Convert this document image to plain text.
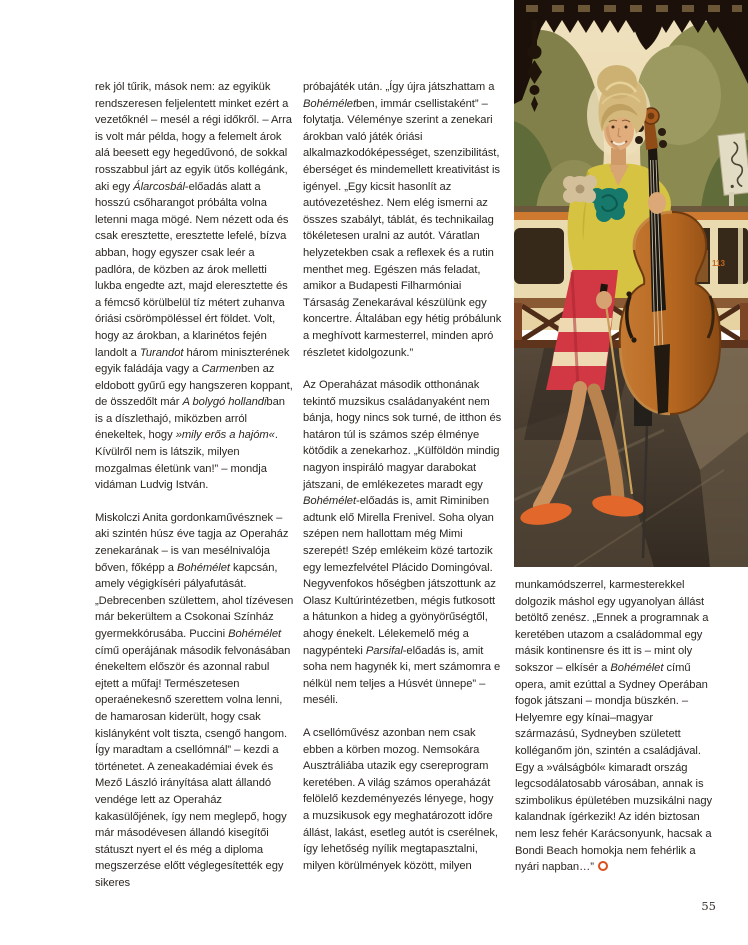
113

rek jól tűrik, mások nem: az egyikük rendszeresen feljelentett minket ezért a vezetőknél – mesél a régi időkről. – Arra is volt már példa, hogy a felemelt árok alá beesett egy hegedűvonó, de sokkal rosszabbul járt az egyik ütős kollégánk, aki egy Álarcosbál-előadás alatt a hosszú csőharangot próbálta volna letenni maga mögé. Nem nézett oda és csak eresztette, eresztette lefelé, bízva abban, hogy egyszer csak leér a padlóra, de közben az árok melletti lukba engedte azt, majd eleresztette és a fémcső körülbelül tíz métert zuhanva óriási csörömpöléssel ért földet. Volt, hogy az árokban, a klarinétos fején landolt a Turandot három miniszterének egyik faládája vagy a Carmenben az eldobott gyűrű egy hangszeren koppant, de összedőlt már A bolygó hollandiban is a díszlethajó, miközben arról énekeltek, hogy »mily erős a hajóm«. Kívülről nem is látszik, milyen mozgalmas életünk van!” – mondja vidáman Ludvig István.

Miskolczi Anita gordonkaművésznek – aki szintén húsz éve tagja az Operaház zenekarának – is van mesélnivalója bőven, főképp a Bohémélet kapcsán, amely végigkíséri pályafutását. „Debrecenben születtem, ahol tízévesen már bekerültem a Csokonai Színház gyermekkórusába. Puccini Bohémélet című operájának második felvonásában énekeltem először és azonnal rabul ejtett a műfaj! Természetesen operaénekesnő szerettem volna lenni, de hamarosan kiderült, hogy csak kislányként volt tiszta, csengő hangom. Így maradtam a csellómnál” – kezdi a történetet. A zeneakadémiai évek és Mező László irányítása alatt állandó vendége lett az Operaház kakasülőjének, így nem meglepő, hogy már másodévesen állandó kisegítői státuszt nyert el és még a diploma megszerzése előtt véglegesítették egy sikeres

próbajáték után. „Így újra játszhattam a Bohéméletben, immár csellistaként” – folytatja. Véleménye szerint a zenekari árokban való játék óriási alkalmazkodóképességet, szenzibilitást, éberséget és mindemellett kreativitást is igényel. „Egy kicsit hasonlít az autóvezetéshez. Nem elég ismerni az összes szabályt, táblát, és technikailag tökéletesen uralni az autót. Váratlan helyzetekben csak a reflexek és a rutin menthet meg. Egészen más feladat, amikor a Budapesti Filharmóniai Társaság Zenekarával készülünk egy koncertre. Általában egy hétig próbálunk a meghívott karmesterrel, minden apró részletet kidolgozunk.”

Az Operaházat második otthonának tekintő muzsikus családanyaként nem bánja, hogy nincs sok turné, de itthon és határon túl is számos szép élménye kötődik a zenekarhoz. „Külföldön mindig nagyon inspiráló magyar darabokat játszani, de emlékezetes maradt egy Bohémélet-előadás is, amit Riminiben adtunk elő Mirella Frenivel. Soha olyan szépen nem hallottam még Mimi szerepét! Szép emlékeim közé tartozik egy lemezfelvétel Plácido Domingóval. Negyvenfokos hőségben játszottunk az Olasz Kultúrintézetben, mégis futkosott a hátunkon a hideg a gyönyörűségtől, ahogy énekelt. Lélekemelő még a nagypénteki Parsifal-előadás is, amit soha nem hagynék ki, mert számomra e nélkül nem teljes a Húsvét ünnepe” – meséli.

A csellóművész azonban nem csak ebben a körben mozog. Nemsokára Ausztráliába utazik egy csereprogram keretében. A világ számos operaházát felölelő kezdeményezés lényege, hogy a muzsikusok egy meghatározott időre állást, lakást, esetleg autót is cserélnek, így lehetőség nyílik megtapasztalni, milyen körülmények között, milyen

munkamódszerrel, karmesterekkel dolgozik máshol egy ugyanolyan állást betöltő zenész. „Ennek a programnak a keretében utazom a családommal egy másik kontinensre és itt is – mint oly sokszor – elkísér a Bohémélet című opera, amit ezúttal a Sydney Operában fogok játszani – mondja büszkén. – Helyemre egy kínai–magyar származású, Sydneyben született kolléganőm jön, szintén a családjával. Egy a »válságból« kimaradt ország legcsodálatosabb városában, annak is szimbolikus épületében muzsikálni nagy kalandnak ígérkezik! Az idén biztosan nem lesz fehér Karácsonyunk, hacsak a Bondi Beach homokja nem fehérlik a nyári napban…”

55
